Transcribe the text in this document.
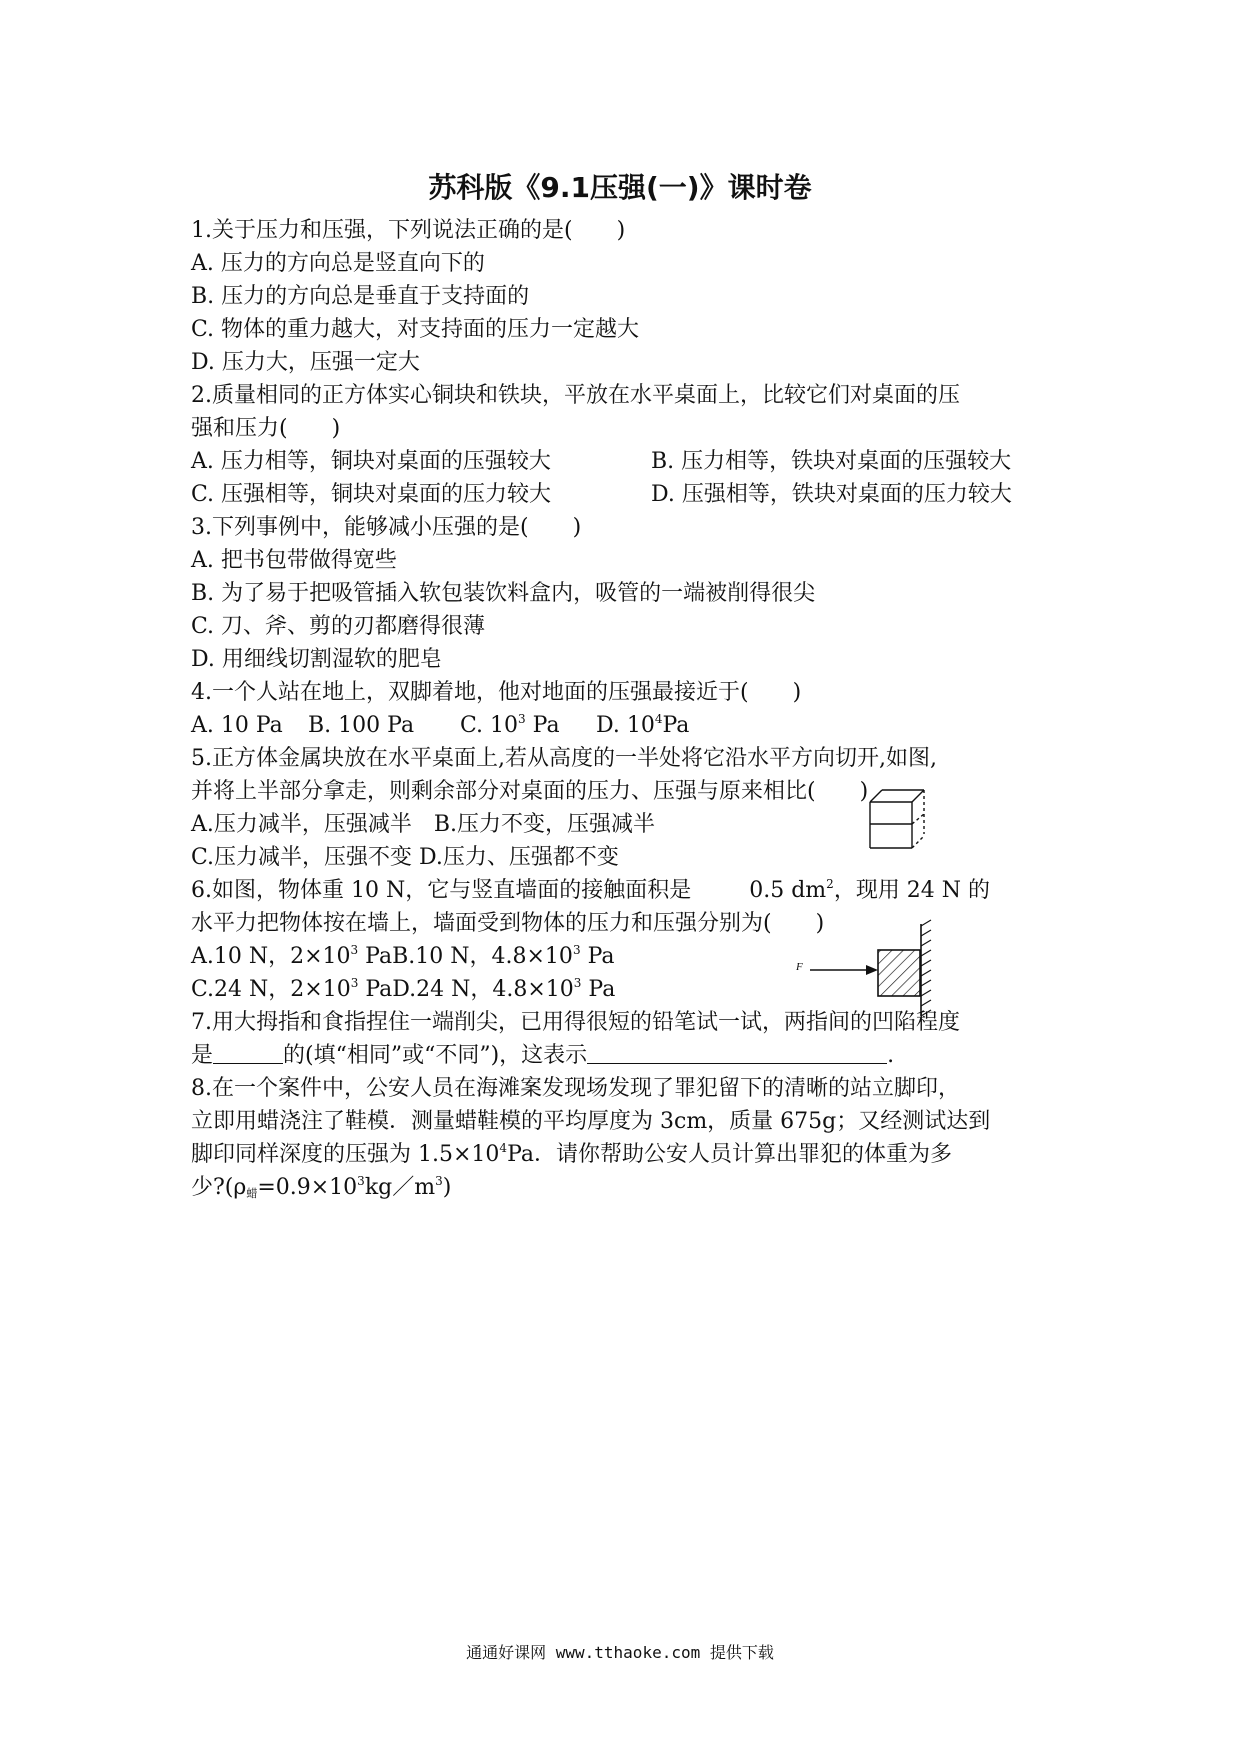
苏科版《9.1压强(一)》课时卷
1.关于压力和压强，下列说法正确的是(　　)
A. 压力的方向总是竖直向下的
B. 压力的方向总是垂直于支持面的
C. 物体的重力越大，对支持面的压力一定越大
D. 压力大，压强一定大
2.质量相同的正方体实心铜块和铁块，平放在水平桌面上，比较它们对桌面的压
强和压力(　　)
A. 压力相等，铜块对桌面的压强较大	B. 压力相等，铁块对桌面的压强较大
C. 压强相等，铜块对桌面的压力较大	D. 压强相等，铁块对桌面的压力较大
3.下列事例中，能够减小压强的是(　　)
A. 把书包带做得宽些
B. 为了易于把吸管插入软包装饮料盒内，吸管的一端被削得很尖
C. 刀、斧、剪的刃都磨得很薄
D. 用细线切割湿软的肥皂
4.一个人站在地上，双脚着地，他对地面的压强最接近于(　　)
A. 10 Pa B. 100 Pa C. $10^3$ Pa D. $10^4Pa$
5.正方体金属块放在水平桌面上,若从高度的一半处将它沿水平方向切开,如图,
并将上半部分拿走，则剩余部分对桌面的压力、压强与原来相比(　　)
A.压力减半，压强减半　B.压力不变，压强减半
C.压力减半，压强不变 D.压力、压强都不变
6.如图，物体重 10 N，它与竖直墙面的接触面积是	0.5 $dm^2$，现用 24 N 的
水平力把物体按在墙上，墙面受到物体的压力和压强分别为(　　)
A.10 N，$2\times 10^3$ PaB.10 N，$4.8\times 10^3$ Pa
C.24 N，$2\times 10^3$ PaD.24 N，$4.8\times 10^3$ Pa
F
7.用大拇指和食指捏住一端削尖，已用得很短的铅笔试一试，两指间的凹陷程度
是	的(填“相同”或“不同”)，这表示	.
8.在一个案件中，公安人员在海滩案发现场发现了罪犯留下的清晰的站立脚印，
立即用蜡浇注了鞋模．测量蜡鞋模的平均厚度为 3cm，质量 675g；又经测试达到
脚印同样深度的压强为 $1.5\times 10^4Pa$．请你帮助公安人员计算出罪犯的体重为多
少$?(\rho_蜡=0.9\times 10^3kg/m^3)$
通通好课网 www.tthaoke.com 提供下载
